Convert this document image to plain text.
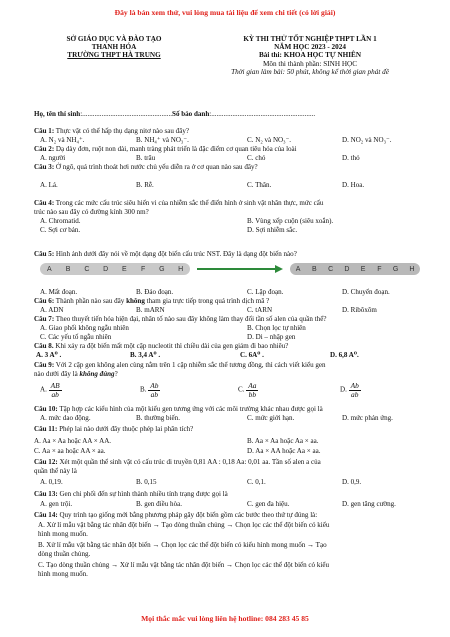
Đây là bản xem thử, vui lòng mua tài liệu để xem chi tiết (có lời giải)
SỞ GIÁO DỤC VÀ ĐÀO TẠO
THANH HÓA
TRƯỜNG THPT HÀ TRUNG
KỲ THI THỬ TỐT NGHIỆP THPT LẦN 1
NĂM HỌC 2023 - 2024
Bài thi: KHOA HỌC TỰ NHIÊN
Môn thi thành phần: SINH HỌC
Thời gian làm bài: 50 phút, không kể thời gian phát đề
Họ, tên thí sinh:...................................................Số báo danh:...........................................................
Câu 1: Thực vật có thể hấp thụ dạng nitơ nào sau đây?
A. N₂ và NH₄⁺.	B. NH₄⁺ và NO₃⁻.	C. N₂ và NO₃⁻.	D. NO₂ và NO₃⁻.
Câu 2: Dạ dày đơn, ruột non dài, manh tràng phát triển là đặc điểm cơ quan tiêu hóa của loài
A. người	B. trâu	C. chó	D. thỏ
Câu 3: Ở ngô, quá trình thoát hơi nước chủ yếu diễn ra ở cơ quan nào sau đây?
A. Lá.	B. Rễ.	C. Thân.	D. Hoa.
Câu 4: Trong các mức cấu trúc siêu hiển vi của nhiễm sắc thể điển hình ở sinh vật nhân thực, mức cấu
trúc nào sau đây có đường kính 300 nm?
A. Chromatid.	B. Vùng xếp cuộn (siêu xoắn).
C. Sợi cơ bản.	D. Sợi nhiễm sắc.
Câu 5: Hình ảnh dưới đây nói về một dạng đột biến cấu trúc NST. Đây là dạng đột biến nào?
A	B	C	D	E	F	G	H	A	B	C	D	E	F	G	H
A. Mất đoạn.	B. Đảo đoạn.	C. Lặp đoạn.	D. Chuyển đoạn.
Câu 6: Thành phần nào sau đây không tham gia trực tiếp trong quá trình dịch mã ?
A. ADN	B. mARN	C. tARN	D. Ribôxôm
Câu 7: Theo thuyết tiến hóa hiện đại, nhân tố nào sau đây không làm thay đổi tần số alen của quần thể?
A. Giao phối không ngẫu nhiên	B. Chọn lọc tự nhiên
C. Các yếu tố ngẫu nhiên	D. Di – nhập gen
Câu 8. Khi xảy ra đột biến mất một cặp nucleotit thì chiều dài của gen giảm đi bao nhiêu?
A. 3 A⁰ .	B. 3,4 A⁰ .	C. 6A⁰ .	D. 6,8 A⁰.
Câu 9: Với 2 cặp gen không alen cùng nằm trên 1 cặp nhiễm sắc thể tương đồng, thì cách viết kiểu gen
nào dưới đây là không đúng?
A. $\frac{AB}{ab}$	B. $\frac{Ab}{ab}$	C. $\frac{Aa}{bb}$	D. $\frac{Ab}{ab}$
Câu 10: Tập hợp các kiểu hình của một kiểu gen tương ứng với các môi trường khác nhau được gọi là
A. mức dao động.	B. thường biến.	C. mức giới hạn.	D. mức phản ứng.
Câu 11: Phép lai nào dưới đây thuộc phép lai phân tích?
A. Aa × Aa hoặc AA × AA.	B. Aa × Aa hoặc Aa × aa.
C. Aa × aa hoặc AA × aa.	D. Aa × AA hoặc Aa × aa.
Câu 12: Xét một quần thể sinh vật có cấu trúc di truyền 0,81 AA : 0,18 Aa: 0,01 aa. Tần số alen a của
quần thể này là
A. 0,19.	B. 0,15	C. 0,1.	D. 0,9.
Câu 13: Gen chi phối đến sự hình thành nhiều tính trạng được gọi là
A. gen trội.	B. gen điều hòa.	C. gen đa hiệu.	D. gen tăng cường.
Câu 14: Quy trình tạo giống mới bằng phương pháp gây đột biến gồm các bước theo thứ tự đúng là:
A. Xử lí mẫu vật bằng tác nhân đột biến → Tạo dòng thuần chủng → Chọn lọc các thể đột biến có kiểu
hình mong muốn.
B. Xử lí mẫu vật bằng tác nhân đột biến → Chọn lọc các thể đột biến có kiểu hình mong muốn → Tạo
dòng thuần chủng.
C. Tạo dòng thuần chủng → Xử lí mẫu vật bằng tác nhân đột biến → Chọn lọc các thể đột biến có kiểu
hình mong muốn.
Mọi thắc mắc vui lòng liên hệ hotline: 084 283 45 85
